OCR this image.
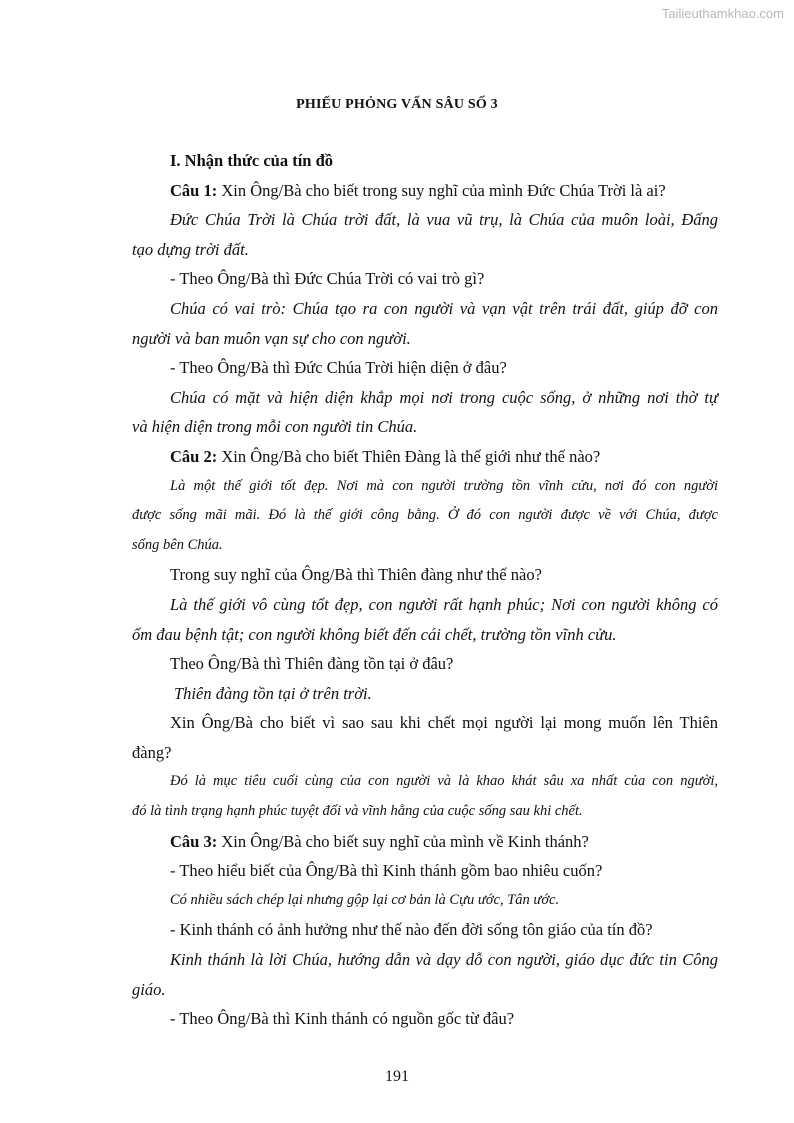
Tailieuthamkhao.com
PHIẾU PHỎNG VẤN SÂU SỐ 3
I. Nhận thức của tín đồ
Câu 1: Xin Ông/Bà cho biết trong suy nghĩ của mình Đức Chúa Trời là ai?
Đức Chúa Trời là Chúa trời đất, là vua vũ trụ, là Chúa của muôn loài, Đấng
tạo dựng trời đất.
- Theo Ông/Bà thì Đức Chúa Trời có vai trò gì?
Chúa có vai trò: Chúa tạo ra con người và vạn vật trên trái đất, giúp đỡ con
người và ban muôn vạn sự cho con người.
- Theo Ông/Bà thì Đức Chúa Trời hiện diện ở đâu?
Chúa có mặt và hiện diện khắp mọi nơi trong cuộc sống, ở những nơi thờ tự
và hiện diện trong mỗi con người tin Chúa.
Câu 2: Xin Ông/Bà cho biết Thiên Đàng là thế giới như thế nào?
Là một thế giới tốt đẹp. Nơi mà con người trường tồn vĩnh cửu, nơi đó con người
được sống mãi mãi. Đó là thế giới công bằng. Ở đó con người được về với Chúa, được
sống bên Chúa.
Trong suy nghĩ của Ông/Bà thì Thiên đàng như thế nào?
Là thế giới vô cùng tốt đẹp, con người rất hạnh phúc; Nơi con người không có
ốm đau bệnh tật; con người không biết đến cái chết, trường tồn vĩnh cửu.
Theo Ông/Bà thì Thiên đàng tồn tại ở đâu?
Thiên đàng tồn tại ở trên trời.
Xin Ông/Bà cho biết vì sao sau khi chết mọi người lại mong muốn lên Thiên
đàng?
Đó là mục tiêu cuối cùng của con người và là khao khát sâu xa nhất của con người,
đó là tình trạng hạnh phúc tuyệt đối và vĩnh hằng của cuộc sống sau khi chết.
Câu 3: Xin Ông/Bà cho biết suy nghĩ của mình về Kinh thánh?
- Theo hiểu biết của Ông/Bà thì Kinh thánh gồm bao nhiêu cuốn?
Có nhiều sách chép lại nhưng gộp lại cơ bản là Cựu ước, Tân ước.
- Kinh thánh có ảnh hưởng như thế nào đến đời sống tôn giáo của tín đồ?
Kinh thánh là lời Chúa, hướng dẫn và dạy dỗ con người, giáo dục đức tin Công
giáo.
- Theo Ông/Bà thì Kinh thánh có nguồn gốc từ đâu?
191
